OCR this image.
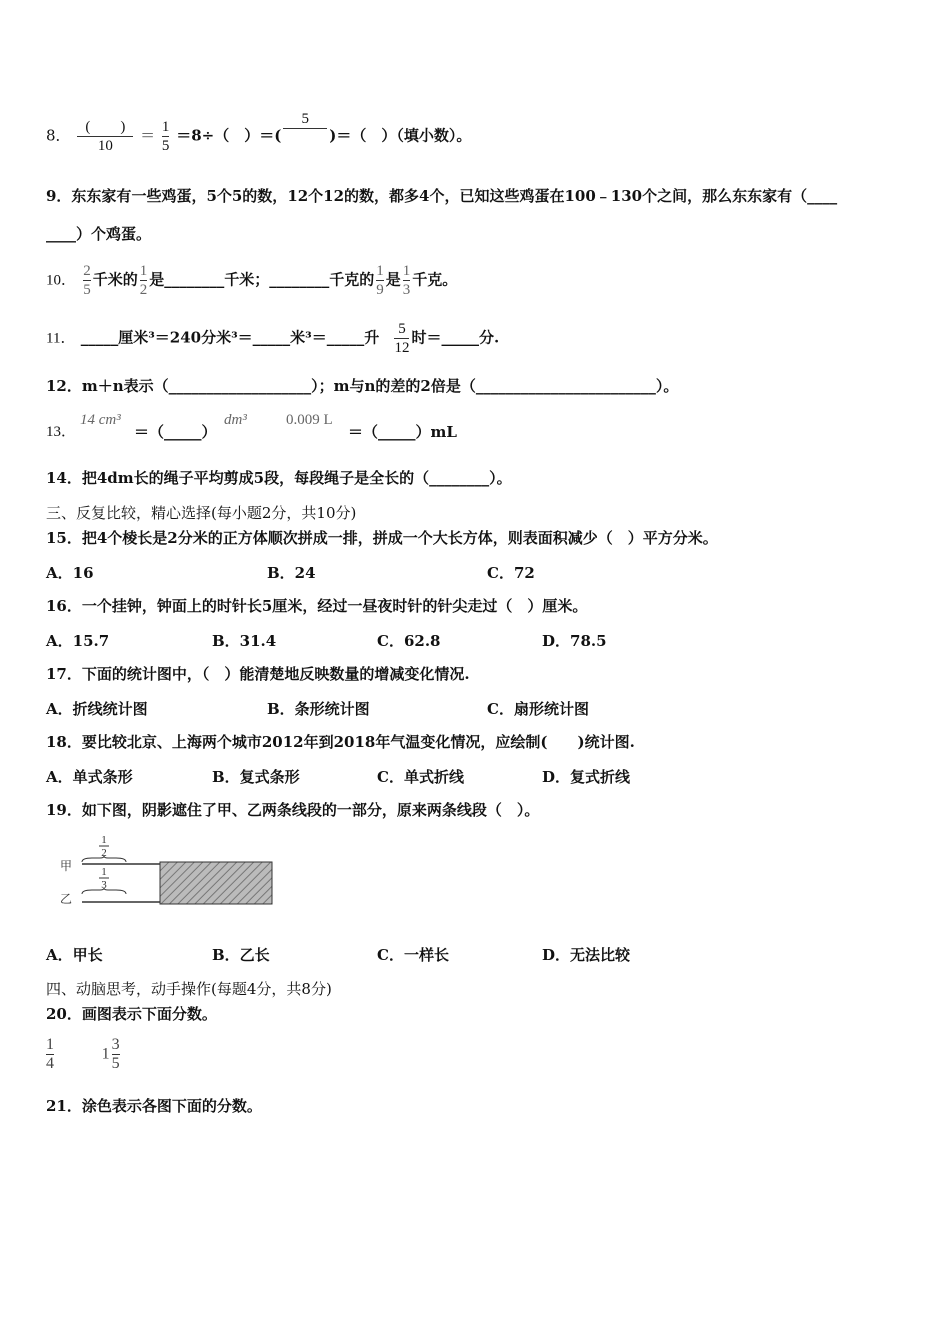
8． $\frac{( )}{10} = \frac{1}{5} =8\div$（　）＝(
5
)＝（　）（填小数）。
9．东东家有一些鸡蛋，5个5的数，12个12的数，都多4个，已知这些鸡蛋在100﹣130个之间，那么东东家有（____
____）个鸡蛋。
10． $\frac{2}{5}$ 千米的 $\frac{1}{2}$ 是________千米；________千克的 $\frac{1}{9}$ 是 $\frac{1}{3}$ 千克。
11． _____厘米³＝240分米³＝_____米³＝_____升 $\frac{5}{12}$ 时＝_____分.
12．m＋n表示（___________________）；m与n的差的2倍是（________________________）。
13．
14 cm³
＝（_____）
dm³	0.009 L
＝（_____）mL
14．把4dm长的绳子平均剪成5段，每段绳子是全长的（________）。
三、反复比较，精心选择(每小题2分，共10分)
15．把4个棱长是2分米的正方体顺次拼成一排，拼成一个大长方体，则表面积减少（　）平方分米。
A．16	B．24	C．72
16．一个挂钟，钟面上的时针长5厘米，经过一昼夜时针的针尖走过（　）厘米。
A．15.7	B．31.4	C．62.8	D．78.5
17．下面的统计图中，（　）能清楚地反映数量的增减变化情况.
A．折线统计图	B．条形统计图	C．扇形统计图
18．要比较北京、上海两个城市2012年到2018年气温变化情况，应绘制(　　)统计图.
A．单式条形	B．复式条形	C．单式折线	D．复式折线
19．如下图，阴影遮住了甲、乙两条线段的一部分，原来两条线段（　）。
甲
乙
1
2
1
3
A．甲长	B．乙长	C．一样长	D．无法比较
四、动脑思考，动手操作(每题4分，共8分)
20．画图表示下面分数。
$\frac{1}{4}$	$1 \frac{3}{5}$
21．涂色表示各图下面的分数。
